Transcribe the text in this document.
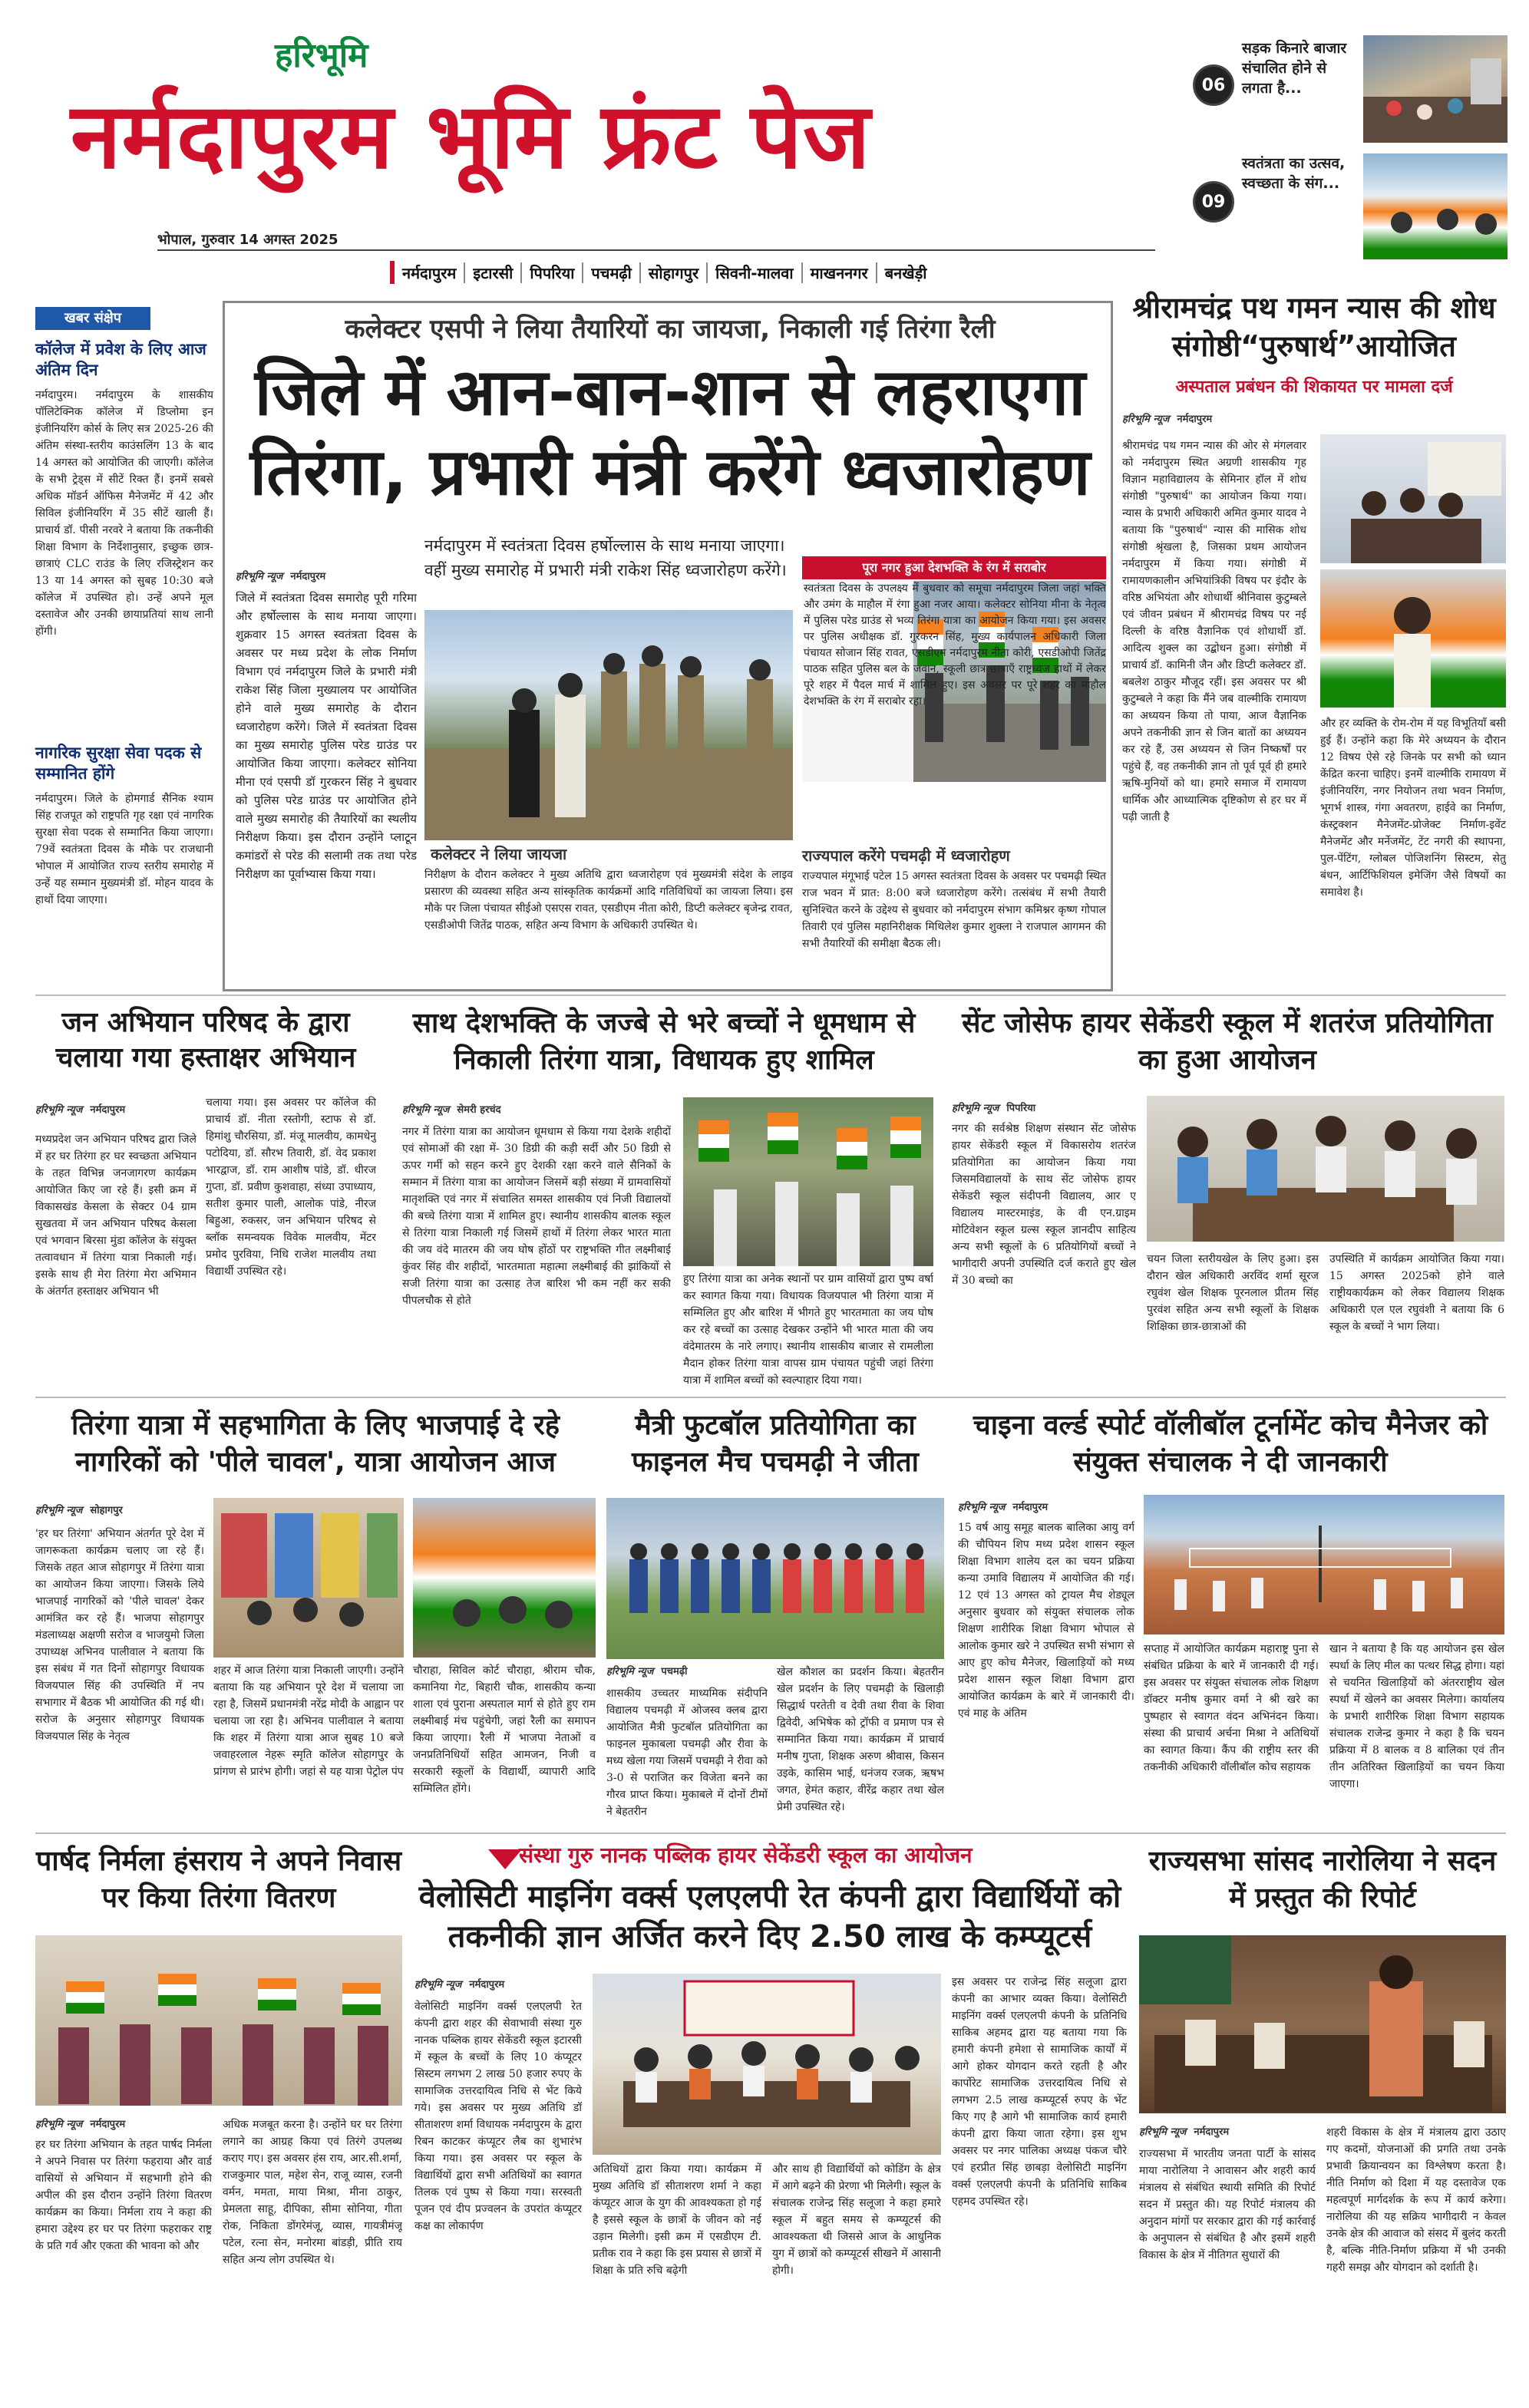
हरिभूमि
नर्मदापुरम भूमि फ्रंट पेज
भोपाल, गुरुवार 14 अगस्त 2025
06
सड़क किनारे बाजार संचालित होने से लगता है...
09
स्वतंत्रता का उत्सव, स्वच्छता के संग...
नर्मदापुरम	इटारसी	पिपरिया	पचमढ़ी	सोहागपुर	सिवनी-मालवा	माखननगर	बनखेड़ी
खबर संक्षेप
कॉलेज में प्रवेश के लिए आज अंतिम दिन
नर्मदापुरम। नर्मदापुरम के शासकीय पॉलिटेक्निक कॉलेज में डिप्लोमा इन इंजीनियरिंग कोर्स के लिए सत्र 2025-26 की अंतिम संस्था-स्तरीय काउंसलिंग 13 के बाद 14 अगस्त को आयोजित की जाएगी। कॉलेज के सभी ट्रेड्स में सीटें रिक्त हैं। इनमें सबसे अधिक मॉडर्न ऑफिस मैनेजमेंट में 42 और सिविल इंजीनियरिंग में 35 सीटें खाली हैं। प्राचार्य डॉ. पीसी नरवरे ने बताया कि तकनीकी शिक्षा विभाग के निर्देशानुसार, इच्छुक छात्र-छात्राएं CLC राउंड के लिए रजिस्ट्रेशन कर 13 या 14 अगस्त को सुबह 10:30 बजे कॉलेज में उपस्थित हो। उन्हें अपने मूल दस्तावेज और उनकी छायाप्रतियां साथ लानी होंगी।
नागरिक सुरक्षा सेवा पदक से सम्मानित होंगे
नर्मदापुरम। जिले के होमगार्ड सैनिक श्याम सिंह राजपूत को राष्ट्रपति गृह रक्षा एवं नागरिक सुरक्षा सेवा पदक से सम्मानित किया जाएगा। 79वें स्वतंत्रता दिवस के मौके पर राजधानी भोपाल में आयोजित राज्य स्तरीय समारोह में उन्हें यह सम्मान मुख्यमंत्री डॉ. मोहन यादव के हाथों दिया जाएगा।
कलेक्टर एसपी ने लिया तैयारियों का जायजा, निकाली गई तिरंगा रैली
जिले में आन-बान-शान से लहराएगा
तिरंगा, प्रभारी मंत्री करेंगे ध्वजारोहण
नर्मदापुरम में स्वतंत्रता दिवस हर्षोल्लास के साथ मनाया जाएगा। वहीं मुख्य समारोह में प्रभारी मंत्री राकेश सिंह ध्वजारोहण करेंगे।
हरिभूमि न्यूज नर्मदापुरम
जिले में स्वतंत्रता दिवस समारोह पूरी गरिमा और हर्षोल्लास के साथ मनाया जाएगा। शुक्रवार 15 अगस्त स्वतंत्रता दिवस के अवसर पर मध्य प्रदेश के लोक निर्माण विभाग एवं नर्मदापुरम जिले के प्रभारी मंत्री राकेश सिंह जिला मुख्यालय पर आयोजित होने वाले मुख्य समारोह के दौरान ध्वजारोहण करेंगे। जिले में स्वतंत्रता दिवस का मुख्य समारोह पुलिस परेड ग्राउंड पर आयोजित किया जाएगा। कलेक्टर सोनिया मीना एवं एसपी डॉ गुरकरन सिंह ने बुधवार को पुलिस परेड ग्राउंड पर आयोजित होने वाले मुख्य समारोह की तैयारियों का स्थलीय निरीक्षण किया। इस दौरान उन्होंने प्लाटून कमांडरों से परेड की सलामी तक तथा परेड निरीक्षण का पूर्वाभ्यास किया गया।
कलेक्टर ने लिया जायजा
निरीक्षण के दौरान कलेक्टर ने मुख्य अतिथि द्वारा ध्वजारोहण एवं मुख्यमंत्री संदेश के लाइव प्रसारण की व्यवस्था सहित अन्य सांस्कृतिक कार्यक्रमों आदि गतिविधियों का जायजा लिया। इस मौके पर जिला पंचायत सीईओ एसएस रावत, एसडीएम नीता कोरी, डिप्टी कलेक्टर बृजेन्द्र रावत, एसडीओपी जितेंद्र पाठक, सहित अन्य विभाग के अधिकारी उपस्थित थे।
पूरा नगर हुआ देशभक्ति के रंग में सराबोर
स्वतंत्रता दिवस के उपलक्ष्य में बुधवार को समूचा नर्मदापुरम जिला जहां भक्ति और उमंग के माहौल में रंगा हुआ नजर आया। कलेक्टर सोनिया मीना के नेतृत्व में पुलिस परेड ग्राउंड से भव्य तिरंगा यात्रा का आयोजन किया गया। इस अवसर पर पुलिस अधीक्षक डॉ. गुरकरन सिंह, मुख्य कार्यपालन अधिकारी जिला पंचायत सोजान सिंह रावत, एसडीएम नर्मदापुरम नीता कोरी, एसडीओपी जितेंद्र पाठक सहित पुलिस बल के जवान, स्कूली छात्र छात्राएँ राष्ट्रध्वज हाथों में लेकर पूरे शहर में पैदल मार्च में शामिल हुए। इस अवसर पर पूरे शहर का माहौल देशभक्ति के रंग में सराबोर रहा।
राज्यपाल करेंगे पचमढ़ी में ध्वजारोहण
राज्यपाल मंगूभाई पटेल 15 अगस्त स्वतंत्रता दिवस के अवसर पर पचमढ़ी स्थित राज भवन में प्रात: 8:00 बजे ध्वजारोहण करेंगे। तत्संबंध में सभी तैयारी सुनिश्चित करने के उद्देश्य से बुधवार को नर्मदापुरम संभाग कमिश्नर कृष्ण गोपाल तिवारी एवं पुलिस महानिरीक्षक मिथिलेश कुमार शुक्ला ने राजपाल आगमन की सभी तैयारियों की समीक्षा बैठक ली।
श्रीरामचंद्र पथ गमन न्यास की शोध संगोष्ठी“पुरुषार्थ”आयोजित
अस्पताल प्रबंधन की शिकायत पर मामला दर्ज
हरिभूमि न्यूज नर्मदापुरम
श्रीरामचंद्र पथ गमन न्यास की ओर से मंगलवार को नर्मदापुरम स्थित अग्रणी शासकीय गृह विज्ञान महाविद्यालय के सेमिनार हॉल में शोध संगोष्ठी "पुरुषार्थ" का आयोजन किया गया। न्यास के प्रभारी अधिकारी अमित कुमार यादव ने बताया कि "पुरुषार्थ" न्यास की मासिक शोध संगोष्ठी श्रृंखला है, जिसका प्रथम आयोजन नर्मदापुरम में किया गया। संगोष्ठी में रामायणकालीन अभियांत्रिकी विषय पर इंदौर के वरिष्ठ अभियंता और शोधार्थी श्रीनिवास कुटुम्बले एवं जीवन प्रबंधन में श्रीरामचंद्र विषय पर नई दिल्ली के वरिष्ठ वैज्ञानिक एवं शोधार्थी डॉ. आदित्य शुक्ल का उद्बोधन हुआ। संगोष्ठी में प्राचार्य डॉ. कामिनी जैन और डिप्टी कलेक्टर डॉ. बबलेश ठाकुर मौजूद रहीं। इस अवसर पर श्री कुटुम्बले ने कहा कि मैंने जब वाल्मीकि रामायण का अध्ययन किया तो पाया, आज वैज्ञानिक अपने तकनीकी ज्ञान से जिन बातों का अध्ययन कर रहे हैं, उस अध्ययन से जिन निष्कर्षों पर पहुंचे हैं, वह तकनीकी ज्ञान तो पूर्व पूर्व ही हमारे ऋषि-मुनियों को था। हमारे समाज में रामायण धार्मिक और आध्यात्मिक दृष्टिकोण से हर घर में पढ़ी जाती है
और हर व्यक्ति के रोम-रोम में यह विभूतियाँ बसी हुई हैं। उन्होंने कहा कि मेरे अध्ययन के दौरान 12 विषय ऐसे रहे जिनके पर सभी को ध्यान केंद्रित करना चाहिए। इनमें वाल्मीकि रामायण में इंजीनियरिंग, नगर नियोजन तथा भवन निर्माण, भूगर्भ शास्त्र, गंगा अवतरण, हाईवे का निर्माण, कंस्ट्रक्शन मैनेजमेंट-प्रोजेक्ट निर्माण-इवेंट मैनेजमेंट और मर्नेजमेंट, टेंट नगरी की स्थापना, पुल-पेंटिंग, ग्लोबल पोजिशनिंग सिस्टम, सेतु बंधन, आर्टिफिशियल इमेजिंग जैसे विषयों का समावेश है।
जन अभियान परिषद के द्वारा चलाया गया हस्ताक्षर अभियान
हरिभूमि न्यूज नर्मदापुरम
मध्यप्रदेश जन अभियान परिषद द्वारा जिले में हर घर तिरंगा हर घर स्वच्छता अभियान के तहत विभिन्न जनजागरण कार्यक्रम आयोजित किए जा रहे हैं। इसी क्रम में विकासखंड केसला के सेक्टर 04 ग्राम सुखतवा में जन अभियान परिषद केसला एवं भगवान बिरसा मुंडा कॉलेज के संयुक्त तत्वावधान में तिरंगा यात्रा निकाली गई। इसके साथ ही मेरा तिरंगा मेरा अभिमान के अंतर्गत हस्ताक्षर अभियान भी
चलाया गया। इस अवसर पर कॉलेज की प्राचार्य डॉ. नीता रस्तोगी, स्टाफ से डॉ. हिमांशु चौरसिया, डॉ. मंजू मालवीय, कामधेनु पटोदिया, डॉ. सौरभ तिवारी, डॉ. वेद प्रकाश भारद्वाज, डॉ. राम आशीष पांडे, डॉ. धीरज गुप्ता, डॉ. प्रवीण कुशवाहा, संध्या उपाध्याय, सतीश कुमार पाली, आलोक पांडे, नीरज बिहुआ, रुकसर, जन अभियान परिषद से ब्लॉक समन्वयक विवेक मालवीय, मेंटर प्रमोद पुरविया, निधि राजेश मालवीय तथा विद्यार्थी उपस्थित रहे।
साथ देशभक्ति के जज्बे से भरे बच्चों ने धूमधाम से निकाली तिरंगा यात्रा, विधायक हुए शामिल
हरिभूमि न्यूज सेमरी हरचंद
नगर में तिरंगा यात्रा का आयोजन धूमधाम से किया गया देशके शहीदों एवं सोमाओं की रक्षा में- 30 डिग्री की कड़ी सर्दी और 50 डिग्री से ऊपर गर्मी को सहन करने हुए देशकी रक्षा करने वाले सैनिकों के सम्मान में तिरंगा यात्रा का आयोजन जिसमें बड़ी संख्या में ग्रामवासियों मातृशक्ति एवं नगर में संचालित समस्त शासकीय एवं निजी विद्यालयों की बच्चे तिरंगा यात्रा में शामिल हुए। स्थानीय शासकीय बालक स्कूल से तिरंगा यात्रा निकाली गई जिसमें हाथों में तिरंगा लेकर भारत माता की जय वंदे मातरम की जय घोष होंठों पर राष्ट्रभक्ति गीत लक्ष्मीबाई कुंवर सिंह वीर शहीदों, भारतमाता महात्मा लक्ष्मीबाई की झांकियों से सजी तिरंगा यात्रा का उत्साह तेज बारिश भी कम नहीं कर सकी पीपलचौक से होते
हुए तिरंगा यात्रा का अनेक स्थानों पर ग्राम वासियों द्वारा पुष्प वर्षा कर स्वागत किया गया। विधायक विजयपाल भी तिरंगा यात्रा में सम्मिलित हुए और बारिश में भीगते हुए भारतमाता का जय घोष कर रहे बच्चों का उत्साह देखकर उन्होंने भी भारत माता की जय वंदेमातरम के नारे लगाए। स्थानीय शासकीय बाजार से रामलीला मैदान होकर तिरंगा यात्रा वापस ग्राम पंचायत पहुंची जहां तिरंगा यात्रा में शामिल बच्चों को स्वल्पाहार दिया गया।
सेंट जोसेफ हायर सेकेंडरी स्कूल में शतरंज प्रतियोगिता का हुआ आयोजन
हरिभूमि न्यूज पिपरिया
नगर की सर्वश्रेष्ठ शिक्षण संस्थान सेंट जोसेफ हायर सेकेंडरी स्कूल में विकासरोय शतरंज प्रतियोगिता का आयोजन किया गया जिसमविद्यालयों के साथ सेंट जोसेफ हायर सेकेंडरी स्कूल संदीपनी विद्यालय, आर ए विद्यालय मास्टरमाइंड, के वी एन.ग्राइम मोटिवेशन स्कूल ग्रल्स स्कूल ज्ञानदीप साहित्य अन्य सभी स्कूलों के 6 प्रतियोगियों बच्चों ने भागीदारी अपनी उपस्थिति दर्ज कराते हुए खेल में 30 बच्चो का
चयन जिला स्तरीयखेल के लिए हुआ। इस दौरान खेल अधिकारी अरविंद शर्मा सूरज रघुवंश खेल शिक्षक पूरनलाल प्रीतम सिंह पुरवंश सहित अन्य सभी स्कूलों के शिक्षक शिक्षिका छात्र-छात्राओं की
उपस्थिति में कार्यक्रम आयोजित किया गया। 15 अगस्त 2025को होने वाले राष्ट्रीयकार्यक्रम को लेकर विद्यालय शिक्षक अधिकारी एल एल रघुवंशी ने बताया कि 6 स्कूल के बच्चों ने भाग लिया।
तिरंगा यात्रा में सहभागिता के लिए भाजपाई दे रहे नागरिकों को 'पीले चावल', यात्रा आयोजन आज
हरिभूमि न्यूज सोहागपुर
'हर घर तिरंगा' अभियान अंतर्गत पूरे देश में जागरूकता कार्यक्रम चलाए जा रहे हैं। जिसके तहत आज सोहागपुर में तिरंगा यात्रा का आयोजन किया जाएगा। जिसके लिये भाजपाई नागरिकों को 'पीले चावल' देकर आमंत्रित कर रहे हैं। भाजपा सोहागपुर मंडलाध्यक्ष अक्षणी सरोज व भाजयुमो जिला उपाध्यक्ष अभिनव पालीवाल ने बताया कि इस संबंध में गत दिनों सोहागपुर विधायक विजयपाल सिंह की उपस्थिति में नप सभागार में बैठक भी आयोजित की गई थी। सरोज के अनुसार सोहागपुर विधायक विजयपाल सिंह के नेतृत्व
शहर में आज तिरंगा यात्रा निकाली जाएगी। उन्होंने बताया कि यह अभियान पूरे देश में चलाया जा रहा है, जिसमें प्रधानमंत्री नरेंद्र मोदी के आह्वान पर चलाया जा रहा है। अभिनव पालीवाल ने बताया कि शहर में तिरंगा यात्रा आज सुबह 10 बजे जवाहरलाल नेहरू स्मृति कॉलेज सोहागपुर के प्रांगण से प्रारंभ होगी। जहां से यह यात्रा पेट्रोल पंप
चौराहा, सिविल कोर्ट चौराहा, श्रीराम चौक, कमानिया गेट, बिहारी चौक, शासकीय कन्या शाला एवं पुराना अस्पताल मार्ग से होते हुए राम लक्ष्मीबाई मंच पहुंचेगी, जहां रैली का समापन किया जाएगा। रैली में भाजपा नेताओं व जनप्रतिनिधियों सहित आमजन, निजी व सरकारी स्कूलों के विद्यार्थी, व्यापारी आदि सम्मिलित होंगे।
मैत्री फुटबॉल प्रतियोगिता का फाइनल मैच पचमढ़ी ने जीता
हरिभूमि न्यूज पचमढ़ी
शासकीय उच्चतर माध्यमिक संदीपनि विद्यालय पचमढ़ी में ओजस्व क्लब द्वारा आयोजित मैत्री फुटबॉल प्रतियोगिता का फाइनल मुकाबला पचमढ़ी और रीवा के मध्य खेला गया जिसमें पचमढ़ी ने रीवा को 3-0 से पराजित कर विजेता बनने का गौरव प्राप्त किया। मुकाबले में दोनों टीमों ने बेहतरीन
खेल कौशल का प्रदर्शन किया। बेहतरीन खेल प्रदर्शन के लिए पचमढ़ी के खिलाड़ी सिद्धार्थ परतेती व देवी तथा रीवा के शिवा द्विवेदी, अभिषेक को ट्रॉफी व प्रमाण पत्र से सम्मानित किया गया। कार्यक्रम में प्राचार्य मनीष गुप्ता, शिक्षक अरुण श्रीवास, किसन उइके, कासिम भाई, धनंजय रजक, ऋषभ जगत, हेमंत कहार, वीरेंद्र कहार तथा खेल प्रेमी उपस्थित रहे।
चाइना वर्ल्ड स्पोर्ट वॉलीबॉल टूर्नामेंट कोच मैनेजर को संयुक्त संचालक ने दी जानकारी
हरिभूमि न्यूज नर्मदापुरम
15 वर्ष आयु समूह बालक बालिका आयु वर्ग की चौपियन शिप मध्य प्रदेश शासन स्कूल शिक्षा विभाग शालेय दल का चयन प्रक्रिया कन्या उमावि विद्यालय में आयोजित की गई। 12 एवं 13 अगस्त को ट्रायल मैच शेड्यूल अनुसार बुधवार को संयुक्त संचालक लोक शिक्षण शारीरिक शिक्षा विभाग भोपाल से आलोक कुमार खरे ने उपस्थित सभी संभाग से आए हुए कोच मैनेजर, खिलाड़ियों को मध्य प्रदेश शासन स्कूल शिक्षा विभाग द्वारा आयोजित कार्यक्रम के बारे में जानकारी दी। एवं माह के अंतिम
सप्ताह में आयोजित कार्यक्रम महाराष्ट्र पुना से संबंधित प्रक्रिया के बारे में जानकारी दी गई। इस अवसर पर संयुक्त संचालक लोक शिक्षण डॉक्टर मनीष कुमार वर्मा ने श्री खरे का पुष्पहार से स्वागत वंदन अभिनंदन किया। संस्था की प्राचार्य अर्चना मिश्रा ने अतिथियों का स्वागत किया। कैंप की राष्ट्रीय स्तर की तकनीकी अधिकारी वॉलीबॉल कोच सहायक
खान ने बताया है कि यह आयोजन इस खेल स्पर्धा के लिए मील का पत्थर सिद्ध होगा। यहां से चयनित खिलाड़ियों को अंतरराष्ट्रीय खेल स्पर्धा में खेलने का अवसर मिलेगा। कार्यालय के प्रभारी शारीरिक शिक्षा विभाग सहायक संचालक राजेन्द्र कुमार ने कहा है कि चयन प्रक्रिया में 8 बालक व 8 बालिका एवं तीन तीन अतिरिक्त खिलाड़ियों का चयन किया जाएगा।
पार्षद निर्मला हंसराय ने अपने निवास पर किया तिरंगा वितरण
हरिभूमि न्यूज नर्मदापुरम
हर घर तिरंगा अभियान के तहत पार्षद निर्मला ने अपने निवास पर तिरंगा फहराया और वार्ड वासियों से अभियान में सहभागी होने की अपील की इस दौरान उन्होंने तिरंगा वितरण कार्यक्रम का किया। निर्मला राय ने कहा की हमारा उद्देश्य हर घर पर तिरंगा फहराकर राष्ट्र के प्रति गर्व और एकता की भावना को और
अधिक मजबूत करना है। उन्होंने घर घर तिरंगा लगाने का आग्रह किया एवं तिरंगे उपलब्ध कराए गए। इस अवसर हंस राय, आर.सी.शर्मा, राजकुमार पाल, महेश सेन, राजू व्यास, रजनी वर्मन, ममता, माया मिश्रा, मीना ठाकुर, प्रेमलता साहू, दीपिका, सीमा सोनिया, गीता रोक, निकिता डोंगरेमंजू, व्यास, गायत्रीमंजू पटेल, रत्ना सेन, मनोरमा बांडड़ी, प्रीति राय सहित अन्य लोग उपस्थित थे।
संस्था गुरु नानक पब्लिक हायर सेकेंडरी स्कूल का आयोजन
वेलोसिटी माइनिंग वर्क्स एलएलपी रेत कंपनी द्वारा विद्यार्थियों को तकनीकी ज्ञान अर्जित करने दिए 2.50 लाख के कम्प्यूटर्स
हरिभूमि न्यूज नर्मदापुरम
वेलोसिटी माइनिंग वर्क्स एलएलपी रेत कंपनी द्वारा शहर की सेवाभावी संस्था गुरु नानक पब्लिक हायर सेकेंडरी स्कूल इटारसी में स्कूल के बच्चों के लिए 10 कंप्यूटर सिस्टम लगभग 2 लाख 50 हजार रुपए के सामाजिक उत्तरदायित्व निधि से भेंट किये गये। इस अवसर पर मुख्य अतिथि डॉ सीताशरण शर्मा विधायक नर्मदापुरम के द्वारा रिबन काटकर कंप्यूटर लैब का शुभारंभ किया गया। इस अवसर पर स्कूल के विद्यार्थियों द्वारा सभी अतिथियों का स्वागत तिलक एवं पुष्प से किया गया। सरस्वती पूजन एवं दीप प्रज्वलन के उपरांत कंप्यूटर कक्ष का लोकार्पण
अतिथियों द्वारा किया गया। कार्यक्रम में मुख्य अतिथि डॉ सीताशरण शर्मा ने कहा कंप्यूटर आज के युग की आवश्यकता हो गई है इससे स्कूल के छात्रों के जीवन को नई उड़ान मिलेगी। इसी क्रम में एसडीएम टी. प्रतीक राव ने कहा कि इस प्रयास से छात्रों में शिक्षा के प्रति रुचि बढ़ेगी
और साथ ही विद्यार्थियों को कोडिंग के क्षेत्र में आगे बढ़ने की प्रेरणा भी मिलेगी। स्कूल के संचालक राजेन्द्र सिंह सलूजा ने कहा हमारे स्कूल में बहुत समय से कम्प्यूटर्स की आवश्यकता थी जिससे आज के आधुनिक युग में छात्रों को कम्प्यूटर्स सीखने में आसानी होगी।
इस अवसर पर राजेन्द्र सिंह सलूजा द्वारा कंपनी का आभार व्यक्त किया। वेलोसिटी माइनिंग वर्क्स एलएलपी कंपनी के प्रतिनिधि साकिब अहमद द्वारा यह बताया गया कि हमारी कंपनी हमेशा से सामाजिक कार्यों में आगे होकर योगदान करते रहती है और कार्पोरेट सामाजिक उत्तरदायित्व निधि से लगभग 2.5 लाख कम्प्यूटर्स रुपए के भेंट किए गए है आगे भी सामाजिक कार्य हमारी कंपनी द्वारा किया जाता रहेगा। इस शुभ अवसर पर नगर पालिका अध्यक्ष पंकज चौरे एवं हरप्रीत सिंह छाबड़ा वेलोसिटी माइनिंग वर्क्स एलएलपी कंपनी के प्रतिनिधि साकिब एहमद उपस्थित रहे।
राज्यसभा सांसद नारोलिया ने सदन में प्रस्तुत की रिपोर्ट
हरिभूमि न्यूज नर्मदापुरम
राज्यसभा में भारतीय जनता पार्टी के सांसद माया नारोलिया ने आवासन और शहरी कार्य मंत्रालय से संबंधित स्थायी समिति की रिपोर्ट सदन में प्रस्तुत की। यह रिपोर्ट मंत्रालय की अनुदान मांगों पर सरकार द्वारा की गई कार्रवाई के अनुपालन से संबंधित है और इसमें शहरी विकास के क्षेत्र में नीतिगत सुधारों की
शहरी विकास के क्षेत्र में मंत्रालय द्वारा उठाए गए कदमों, योजनाओं की प्रगति तथा उनके प्रभावी क्रियान्वयन का विश्लेषण करता है। नीति निर्माण को दिशा में यह दस्तावेज एक महत्वपूर्ण मार्गदर्शक के रूप में कार्य करेगा। नारोलिया की यह सक्रिय भागीदारी न केवल उनके क्षेत्र की आवाज को संसद में बुलंद करती है, बल्कि नीति-निर्माण प्रक्रिया में भी उनकी गहरी समझ और योगदान को दर्शाती है।
